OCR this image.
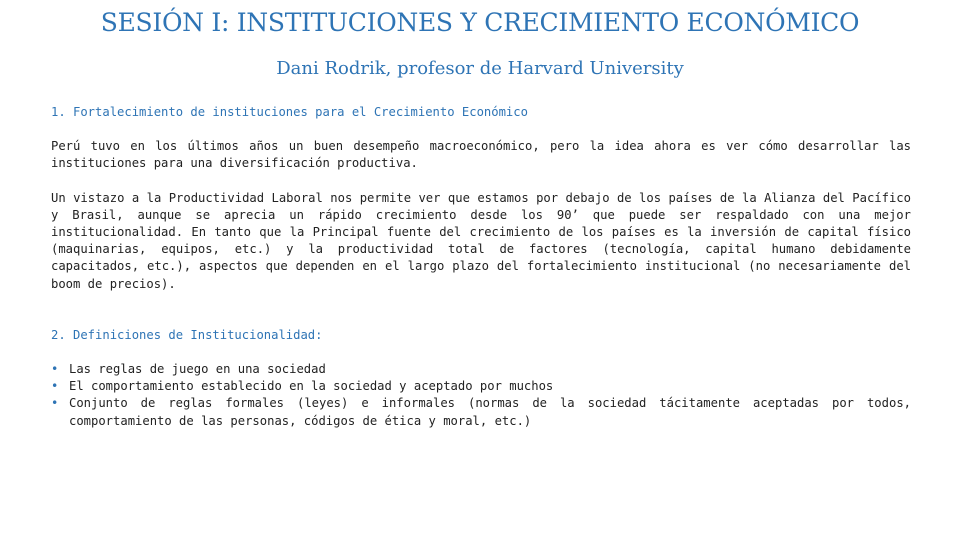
SESIÓN I: INSTITUCIONES Y CRECIMIENTO ECONÓMICO
Dani Rodrik, profesor de Harvard University

1. Fortalecimiento de instituciones para el Crecimiento Económico

Perú tuvo en los últimos años un buen desempeño macroeconómico, pero la idea ahora es ver cómo desarrollar las instituciones para una diversificación productiva.

Un vistazo a la Productividad Laboral nos permite ver que estamos por debajo de los países de la Alianza del Pacífico y Brasil, aunque se aprecia un rápido crecimiento desde los 90’ que puede ser respaldado con una mejor institucionalidad. En tanto que la Principal fuente del crecimiento de los países es la inversión de capital físico (maquinarias, equipos, etc.) y la productividad total de factores (tecnología, capital humano debidamente capacitados, etc.), aspectos que dependen en el largo plazo del fortalecimiento institucional (no necesariamente del boom de precios).

2. Definiciones de Institucionalidad:

• Las reglas de juego en una sociedad
• El comportamiento establecido en la sociedad y aceptado por muchos
• Conjunto de reglas formales (leyes) e informales (normas de la sociedad tácitamente aceptadas por todos, comportamiento de las personas, códigos de ética y moral, etc.)
